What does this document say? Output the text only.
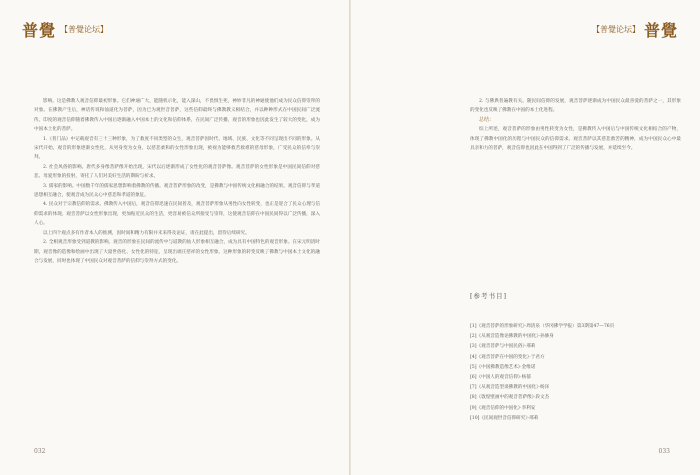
普覺 【普覺论坛】

影响。这是佛教人观音信仰最初形象。它们神通广大，能随机示化，能入深山，不畏惧生死，神妙非凡的神通使他们成为民众信仰崇拜的对象。在佛教产生后，神话传说和仙道化为菩萨，因为已为观世音菩萨，这些信仰最终与佛教教义相结合，并以种种形式在中国民间广泛流传。印度的观音信仰随着佛教传入中国后逐渐融入中国本土的文化和信仰体系，在民间广泛传播，观音的形象也因此发生了较大的变化，成为中国本土化的菩萨。

1.《普门品》中记载观音有三十三种形象，为了救度不同类型的众生，观音菩萨因时代、地域、民族、文化等不同呈现出不同的形象。从宋代开始，观音的形象逐渐女性化，从男身变为女身，以慈悲柔和的女性形象出现，被视为能够救苦救难的慈母形象，广受民众的信奉与崇拜。

2. 社会风俗的影响。唐代多身像菩萨像开始出现，宋代以后逐渐形成了女性化的观音菩萨像。观音菩萨的女性形象是中国民间信仰对慈悲、母爱形象的投射，寄托了人们对美好生活的期盼与祈求。

3. 儒家的影响。中国数千年的儒家思想影响着佛教的传播。观音菩萨形象的改变，是佛教与中国传统文化相融合的结果。观音信仰与孝道思想相互融合，使观音成为民众心中慈悲和孝道的象征。

4. 民众对于宗教信仰的需求。佛教传入中国后，观音信仰迅速在民间普及，观音菩萨形象从男性向女性转变，也正是迎合了民众心理与信仰需求的体现。观音菩萨以女性形象出现，更加贴近民众的生活，更容易被信众所接受与崇拜，这使观音信仰在中国民间得以广泛传播，深入人心。

以上四个观点多有作者本人的推测，因时间和精力有限并未来得及论证，请在此提出，留待后续研究。

2. 全相观音形象受到道教的影响。观音的形象在民间的流传中与道教的仙人形象相互融合，成为具有中国特色的观音形象。在宋元明清时期，观音像的造像和绘画中出现了大量世俗化、女性化的特征，呈现出端庄慈祥的女性形象。这种形象的转变反映了佛教与中国本土文化的融合与发展，同时也体现了中国民众对观音菩萨的信仰与崇拜方式的变化。

032
【普覺论坛】 普覺

2. 与佛典普遍教有关。随民间信仰的发展，观音菩萨逐渐成为中国民众最喜爱的菩萨之一，其形象的变化也反映了佛教在中国的本土化进程。

总结：

综上所述，观音菩萨的形象由男性转变为女性，是佛教传入中国后与中国传统文化相结合的产物，体现了佛教中国化的历程与中国民众的信仰需求。观音菩萨以其慈悲救苦的精神，成为中国民众心中最具亲和力的菩萨，观音信仰也因此在中国得到了广泛的传播与发展，并延续至今。

[参考书目]
[1]《观音菩萨的形象研究》·周清泉（华冈佛学学报）第3期第47—76页
[2]《从观音造像论佛教的中国化》·孙修身
[3]《观音菩萨与中国民俗》·邢莉
[4]《观音菩萨在中国的变化》·于君方
[5]《中国佛教造像艺术》·金维诺
[6]《中国人的观音信仰》·杨郁
[7]《从观音造型谈佛教的中国化》·杨泽
[8]《敦煌壁画中的观音菩萨像》·段文杰
[9]《观音信仰的中国化》·李利安
[10]《民间观世音信仰研究》·邢莉
033
